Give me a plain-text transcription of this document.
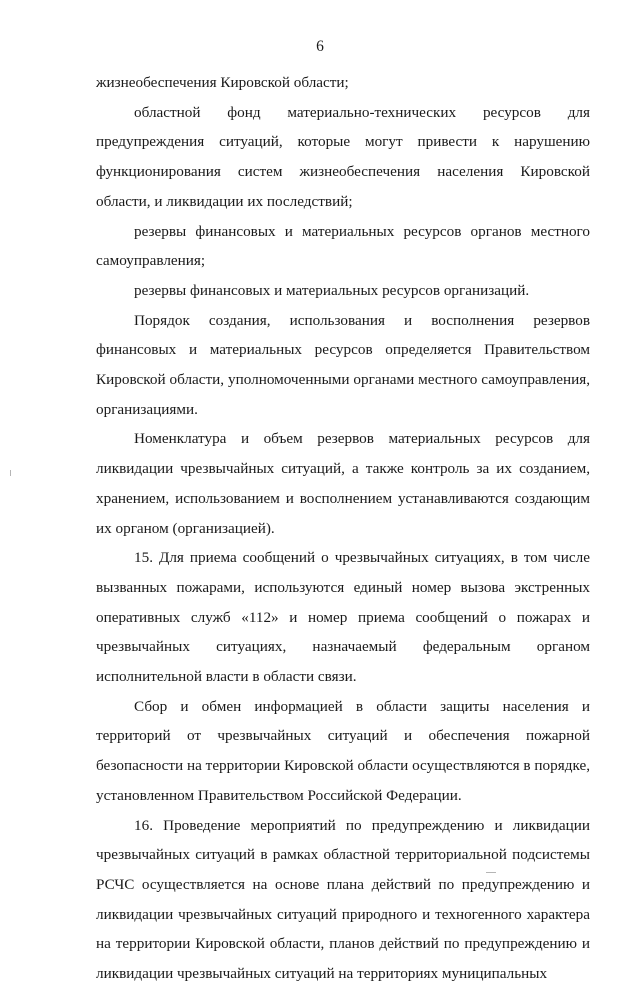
6

жизнеобеспечения Кировской области;

областной фонд материально-технических ресурсов для предупреждения ситуаций, которые могут привести к нарушению функционирования систем жизнеобеспечения населения Кировской области, и ликвидации их последствий;

резервы финансовых и материальных ресурсов органов местного самоуправления;

резервы финансовых и материальных ресурсов организаций.

Порядок создания, использования и восполнения резервов финансовых и материальных ресурсов определяется Правительством Кировской области, уполномоченными органами местного самоуправления, организациями.

Номенклатура и объем резервов материальных ресурсов для ликвидации чрезвычайных ситуаций, а также контроль за их созданием, хранением, использованием и восполнением устанавливаются создающим их органом (организацией).

15. Для приема сообщений о чрезвычайных ситуациях, в том числе вызванных пожарами, используются единый номер вызова экстренных оперативных служб «112» и номер приема сообщений о пожарах и чрезвычайных ситуациях, назначаемый федеральным органом исполнительной власти в области связи.

Сбор и обмен информацией в области защиты населения и территорий от чрезвычайных ситуаций и обеспечения пожарной безопасности на территории Кировской области осуществляются в порядке, установленном Правительством Российской Федерации.

16. Проведение мероприятий по предупреждению и ликвидации чрезвычайных ситуаций в рамках областной территориальной подсистемы РСЧС осуществляется на основе плана действий по предупреждению и ликвидации чрезвычайных ситуаций природного и техногенного характера на территории Кировской области, планов действий по предупреждению и ликвидации чрезвычайных ситуаций на территориях муниципальных
